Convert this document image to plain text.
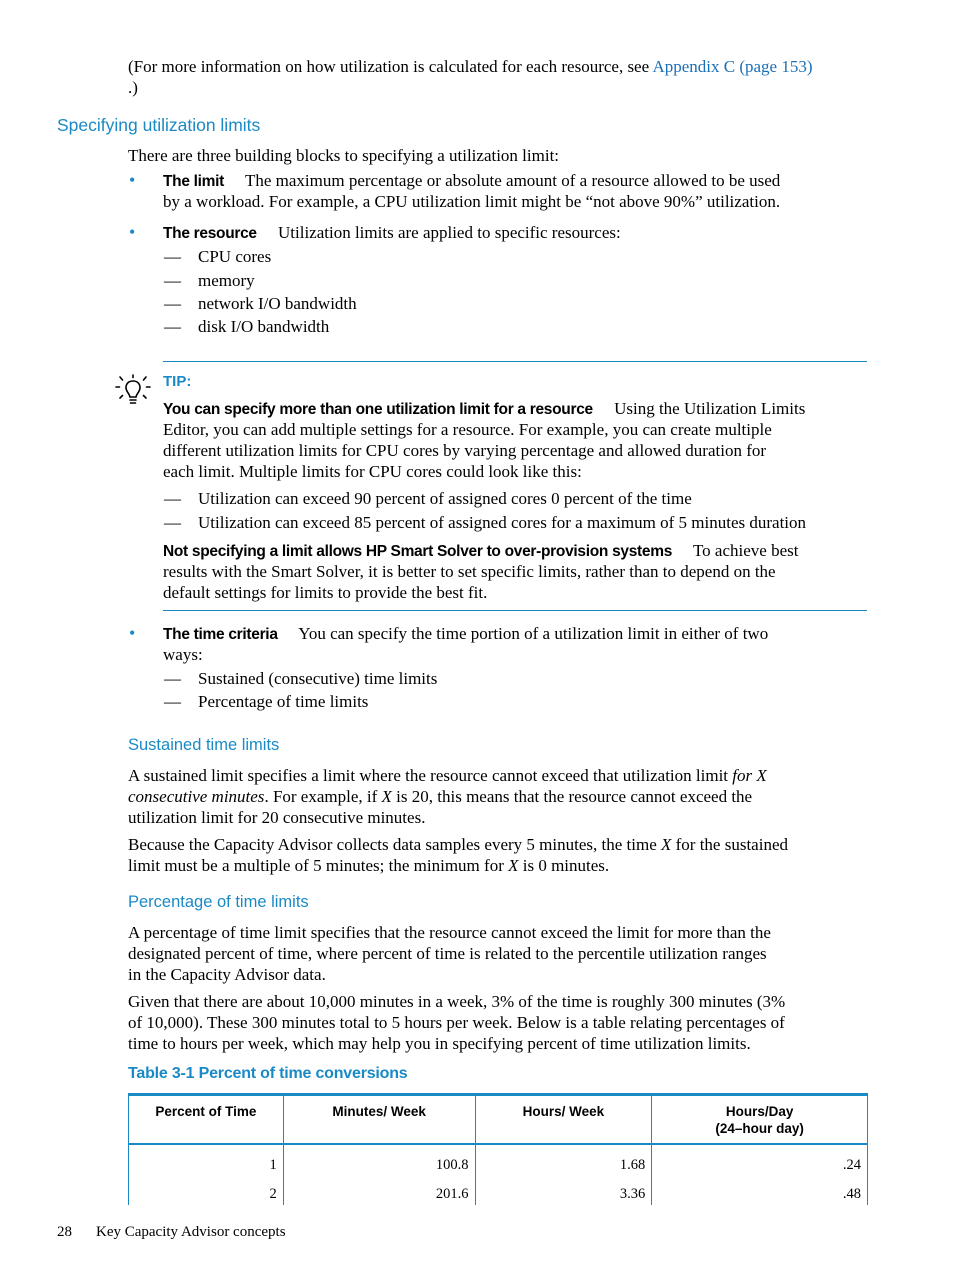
(For more information on how utilization is calculated for each resource, see Appendix C (page 153)

.)

Specifying utilization limits

There are three building blocks to specifying a utilization limit:

• The limit The maximum percentage or absolute amount of a resource allowed to be used

by a workload. For example, a CPU utilization limit might be “not above 90%” utilization.

• The resource Utilization limits are applied to specific resources:

— CPU cores

— memory

— network I/O bandwidth

— disk I/O bandwidth

TIP:

You can specify more than one utilization limit for a resource Using the Utilization Limits

Editor, you can add multiple settings for a resource. For example, you can create multiple

different utilization limits for CPU cores by varying percentage and allowed duration for

each limit. Multiple limits for CPU cores could look like this:

— Utilization can exceed 90 percent of assigned cores 0 percent of the time

— Utilization can exceed 85 percent of assigned cores for a maximum of 5 minutes duration

Not specifying a limit allows HP Smart Solver to over-provision systems To achieve best

results with the Smart Solver, it is better to set specific limits, rather than to depend on the

default settings for limits to provide the best fit.

• The time criteria You can specify the time portion of a utilization limit in either of two

ways:

— Sustained (consecutive) time limits

— Percentage of time limits

Sustained time limits

A sustained limit specifies a limit where the resource cannot exceed that utilization limit for X

consecutive minutes. For example, if X is 20, this means that the resource cannot exceed the

utilization limit for 20 consecutive minutes.

Because the Capacity Advisor collects data samples every 5 minutes, the time X for the sustained

limit must be a multiple of 5 minutes; the minimum for X is 0 minutes.

Percentage of time limits

A percentage of time limit specifies that the resource cannot exceed the limit for more than the

designated percent of time, where percent of time is related to the percentile utilization ranges

in the Capacity Advisor data.

Given that there are about 10,000 minutes in a week, 3% of the time is roughly 300 minutes (3%

of 10,000). These 300 minutes total to 5 hours per week. Below is a table relating percentages of

time to hours per week, which may help you in specifying percent of time utilization limits.

Table 3-1 Percent of time conversions
Percent of Time	Minutes/ Week	Hours/ Week	Hours/Day
(24–hour day)
1	100.8	1.68	.24
2	201.6	3.36	.48
28 Key Capacity Advisor concepts
